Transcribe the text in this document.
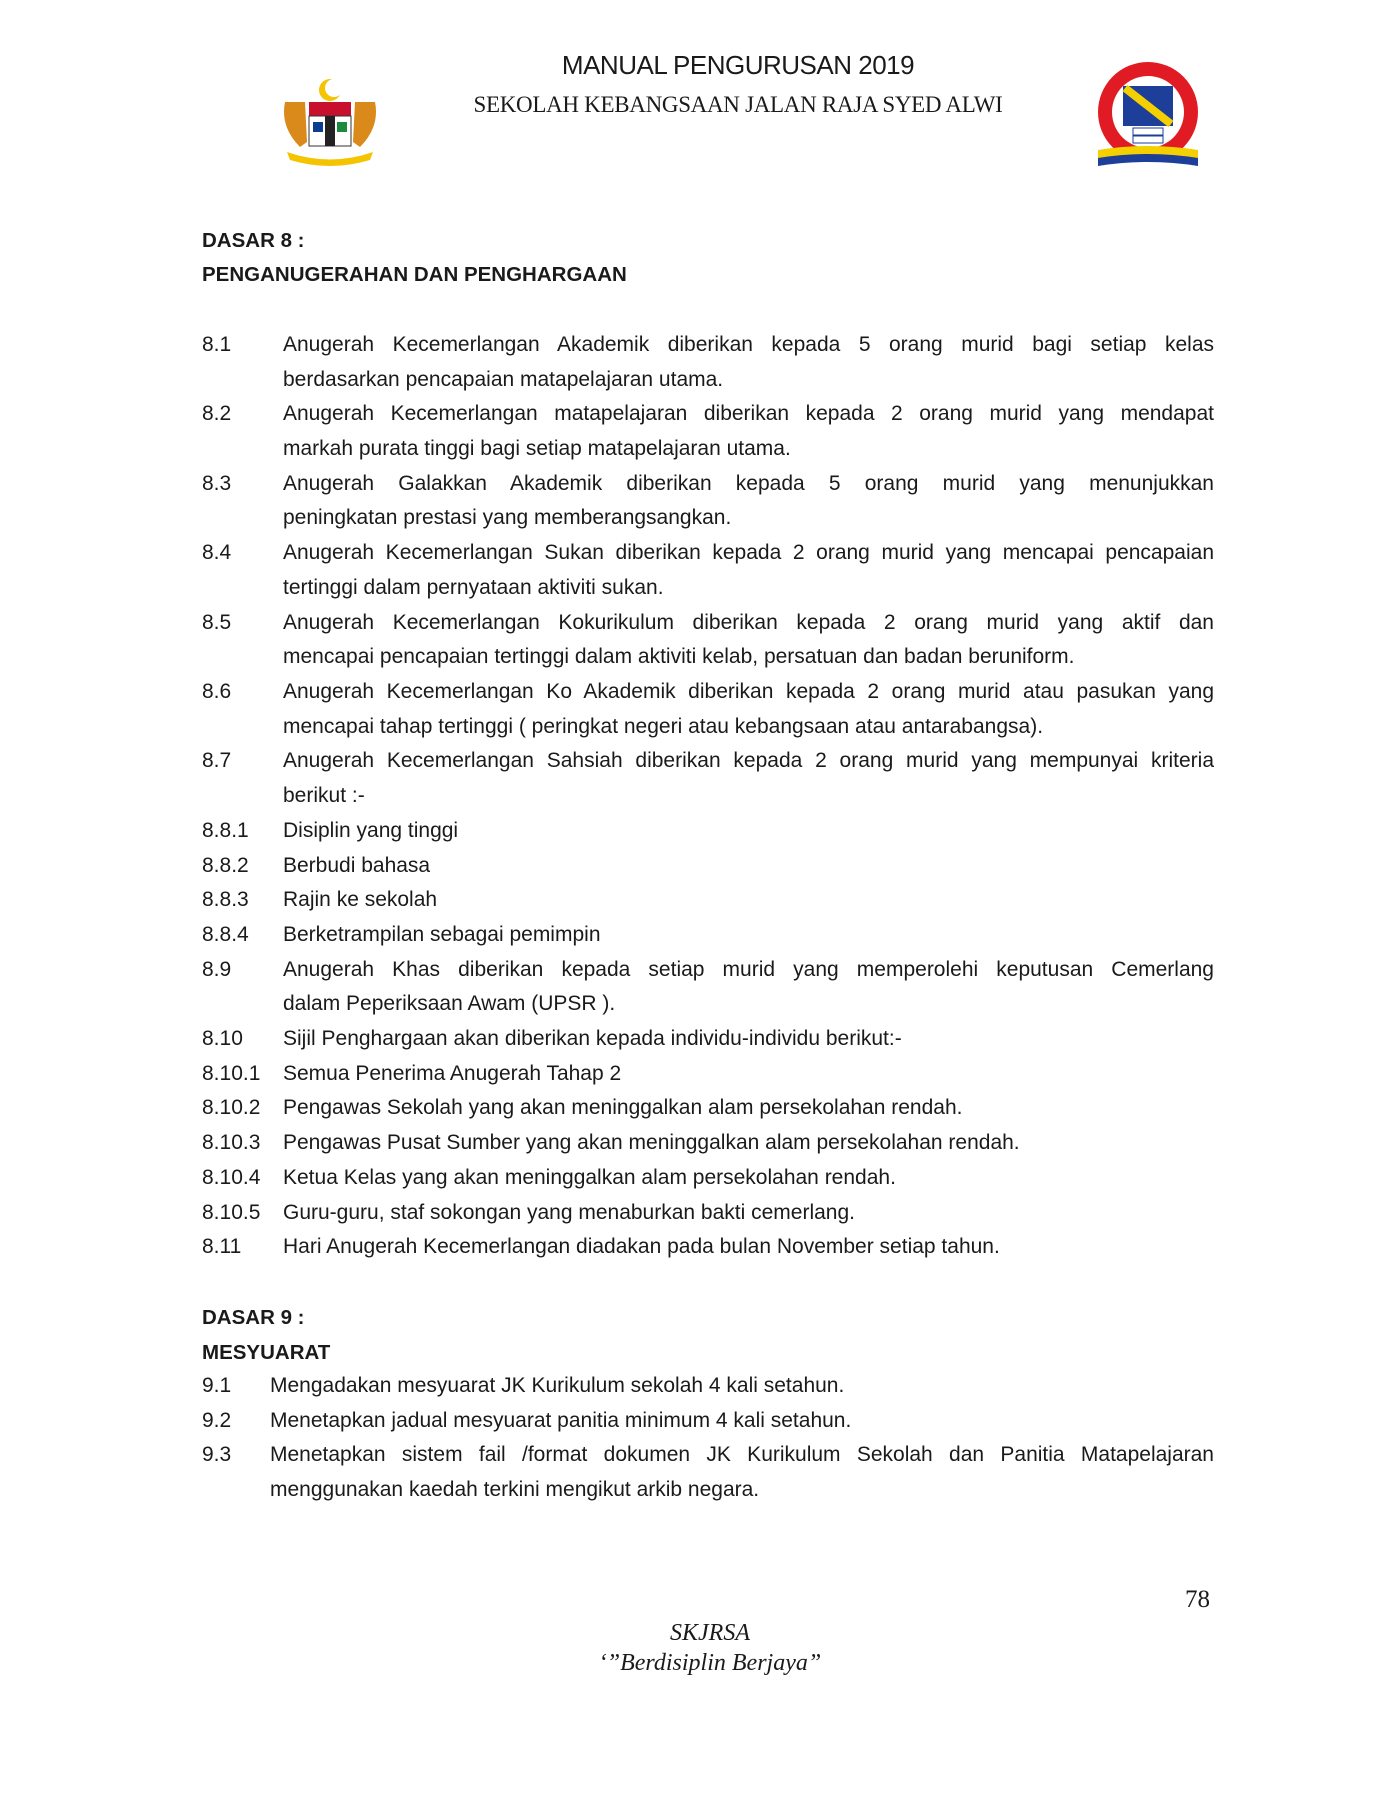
MANUAL PENGURUSAN 2019
SEKOLAH KEBANGSAAN JALAN RAJA SYED ALWI
DASAR 8 :
PENGANUGERAHAN DAN PENGHARGAAN
8.1 Anugerah Kecemerlangan Akademik diberikan kepada 5 orang murid bagi setiap kelas
berdasarkan pencapaian matapelajaran utama.
8.2 Anugerah Kecemerlangan matapelajaran diberikan kepada 2 orang murid yang mendapat
markah purata tinggi bagi setiap matapelajaran utama.
8.3 Anugerah Galakkan Akademik diberikan kepada 5 orang murid yang menunjukkan
peningkatan prestasi yang memberangsangkan.
8.4 Anugerah Kecemerlangan Sukan diberikan kepada 2 orang murid yang mencapai pencapaian
tertinggi dalam pernyataan aktiviti sukan.
8.5 Anugerah Kecemerlangan Kokurikulum diberikan kepada 2 orang murid yang aktif dan
mencapai pencapaian tertinggi dalam aktiviti kelab, persatuan dan badan beruniform.
8.6 Anugerah Kecemerlangan Ko Akademik diberikan kepada 2 orang murid atau pasukan yang
mencapai tahap tertinggi ( peringkat negeri atau kebangsaan atau antarabangsa).
8.7 Anugerah Kecemerlangan Sahsiah diberikan kepada 2 orang murid yang mempunyai kriteria
berikut :-
8.8.1 Disiplin yang tinggi
8.8.2 Berbudi bahasa
8.8.3 Rajin ke sekolah
8.8.4 Berketrampilan sebagai pemimpin
8.9 Anugerah Khas diberikan kepada setiap murid yang memperolehi keputusan Cemerlang
dalam Peperiksaan Awam (UPSR ).
8.10 Sijil Penghargaan akan diberikan kepada individu-individu berikut:-
8.10.1 Semua Penerima Anugerah Tahap 2
8.10.2 Pengawas Sekolah yang akan meninggalkan alam persekolahan rendah.
8.10.3 Pengawas Pusat Sumber yang akan meninggalkan alam persekolahan rendah.
8.10.4 Ketua Kelas yang akan meninggalkan alam persekolahan rendah.
8.10.5 Guru-guru, staf sokongan yang menaburkan bakti cemerlang.
8.11 Hari Anugerah Kecemerlangan diadakan pada bulan November setiap tahun.
DASAR 9 :
MESYUARAT
9.1 Mengadakan mesyuarat JK Kurikulum sekolah 4 kali setahun.
9.2 Menetapkan jadual mesyuarat panitia minimum 4 kali setahun.
9.3 Menetapkan sistem fail /format dokumen JK Kurikulum Sekolah dan Panitia Matapelajaran
menggunakan kaedah terkini mengikut arkib negara.
78
SKJRSA
‘”Berdisiplin Berjaya”
